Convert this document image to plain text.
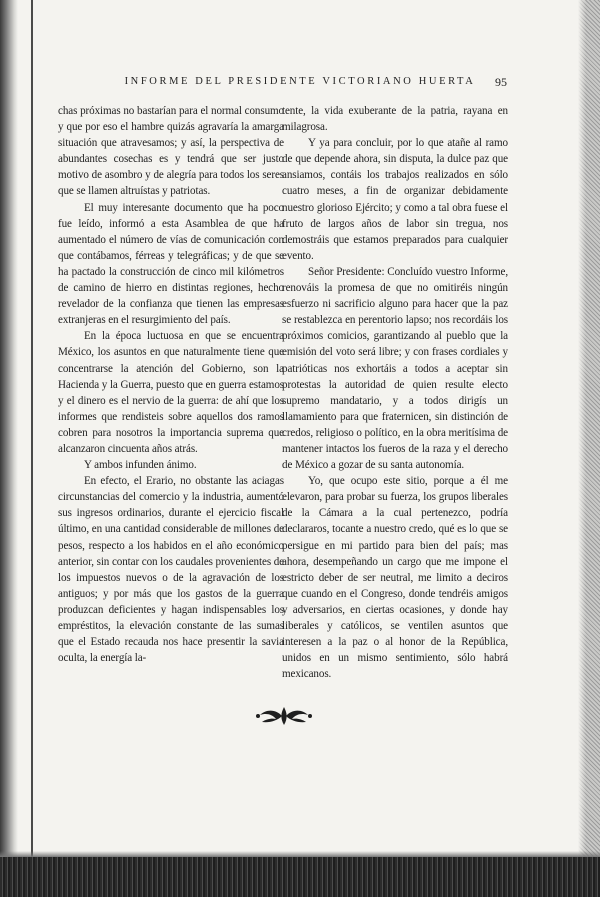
INFORME DEL PRESIDENTE VICTORIANO HUERTA	95

chas próximas no bastarían para el normal consumo y que por eso el hambre quizás agravaría la amarga situación que atravesamos; y así, la perspectiva de abundantes cosechas es y tendrá que ser justo motivo de asombro y de alegría para todos los seres que se llamen altruístas y patriotas.

El muy interesante documento que ha poco fue leído, informó a esta Asamblea de que ha aumentado el número de vías de comunicación con que contábamos, férreas y telegráficas; y de que se ha pactado la construcción de cinco mil kilómetros de camino de hierro en distintas regiones, hecho revelador de la confianza que tienen las empresas extranjeras en el resurgimiento del país.

En la época luctuosa en que se encuentra México, los asuntos en que naturalmente tiene que concentrarse la atención del Gobierno, son la Hacienda y la Guerra, puesto que en guerra estamos y el dinero es el nervio de la guerra: de ahí que los informes que rendisteis sobre aquellos dos ramos cobren para nosotros la importancia suprema que alcanzaron cincuenta años atrás.

Y ambos infunden ánimo.

En efecto, el Erario, no obstante las aciagas circunstancias del comercio y la industria, aumentó sus ingresos ordinarios, durante el ejercicio fiscal último, en una cantidad considerable de millones de pesos, respecto a los habidos en el año económico anterior, sin contar con los caudales provenientes de los impuestos nuevos o de la agravación de los antiguos; y por más que los gastos de la guerra produzcan deficientes y hagan indispensables los empréstitos, la elevación constante de las sumas que el Estado recauda nos hace presentir la savia oculta, la energía la-

tente, la vida exuberante de la patria, rayana en milagrosa.

Y ya para concluir, por lo que atañe al ramo de que depende ahora, sin disputa, la dulce paz que ansiamos, contáis los trabajos realizados en sólo cuatro meses, a fin de organizar debidamente nuestro glorioso Ejército; y como a tal obra fuese el fruto de largos años de labor sin tregua, nos demostráis que estamos preparados para cualquier evento.

Señor Presidente: Concluído vuestro Informe, renováis la promesa de que no omitiréis ningún esfuerzo ni sacrificio alguno para hacer que la paz se restablezca en perentorio lapso; nos recordáis los próximos comicios, garantizando al pueblo que la emisión del voto será libre; y con frases cordiales y patrióticas nos exhortáis a todos a aceptar sin protestas la autoridad de quien resulte electo supremo mandatario, y a todos dirigís un llamamiento para que fraternicen, sin distinción de credos, religioso o político, en la obra meritísima de mantener intactos los fueros de la raza y el derecho de México a gozar de su santa autonomía.

Yo, que ocupo este sitio, porque a él me elevaron, para probar su fuerza, los grupos liberales de la Cámara a la cual pertenezco, podría declararos, tocante a nuestro credo, qué es lo que se persigue en mi partido para bien del país; mas ahora, desempeñando un cargo que me impone el estricto deber de ser neutral, me limito a deciros que cuando en el Congreso, donde tendréis amigos y adversarios, en ciertas ocasiones, y donde hay liberales y católicos, se ventilen asuntos que interesen a la paz o al honor de la República, unidos en un mismo sentimiento, sólo habrá mexicanos.
